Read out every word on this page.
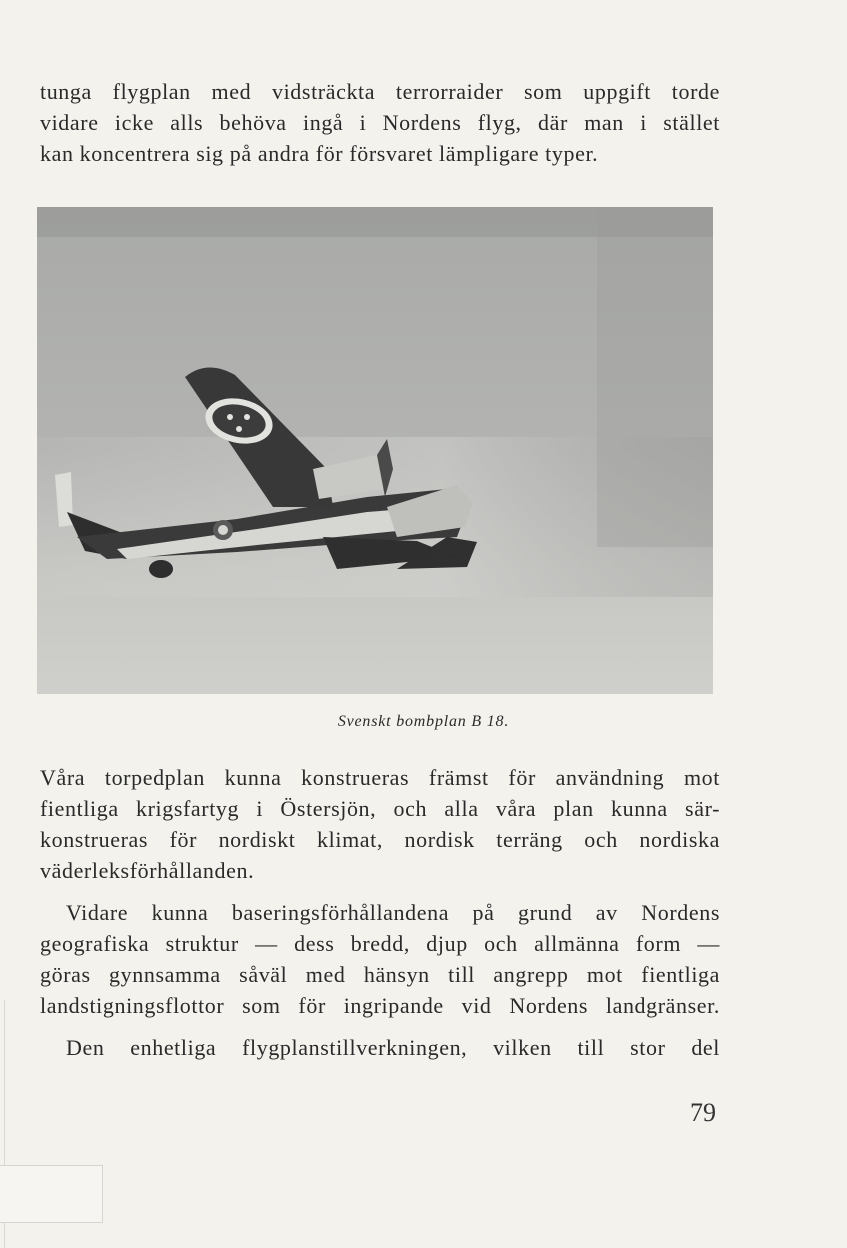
tunga flygplan med vidsträckta terrorraider som uppgift torde
vidare icke alls behöva ingå i Nordens flyg, där man i stället
kan koncentrera sig på andra för försvaret lämpligare typer.

Svenskt bombplan B 18.

Våra torpedplan kunna konstrueras främst för användning mot
fientliga krigsfartyg i Östersjön, och alla våra plan kunna sär-
konstrueras för nordiskt klimat, nordisk terräng och nordiska
väderleksförhållanden.

Vidare kunna baseringsförhållandena på grund av Nordens
geografiska struktur — dess bredd, djup och allmänna form —
göras gynnsamma såväl med hänsyn till angrepp mot fientliga
landstigningsflottor som för ingripande vid Nordens landgränser.

Den enhetliga flygplanstillverkningen, vilken till stor del

79
